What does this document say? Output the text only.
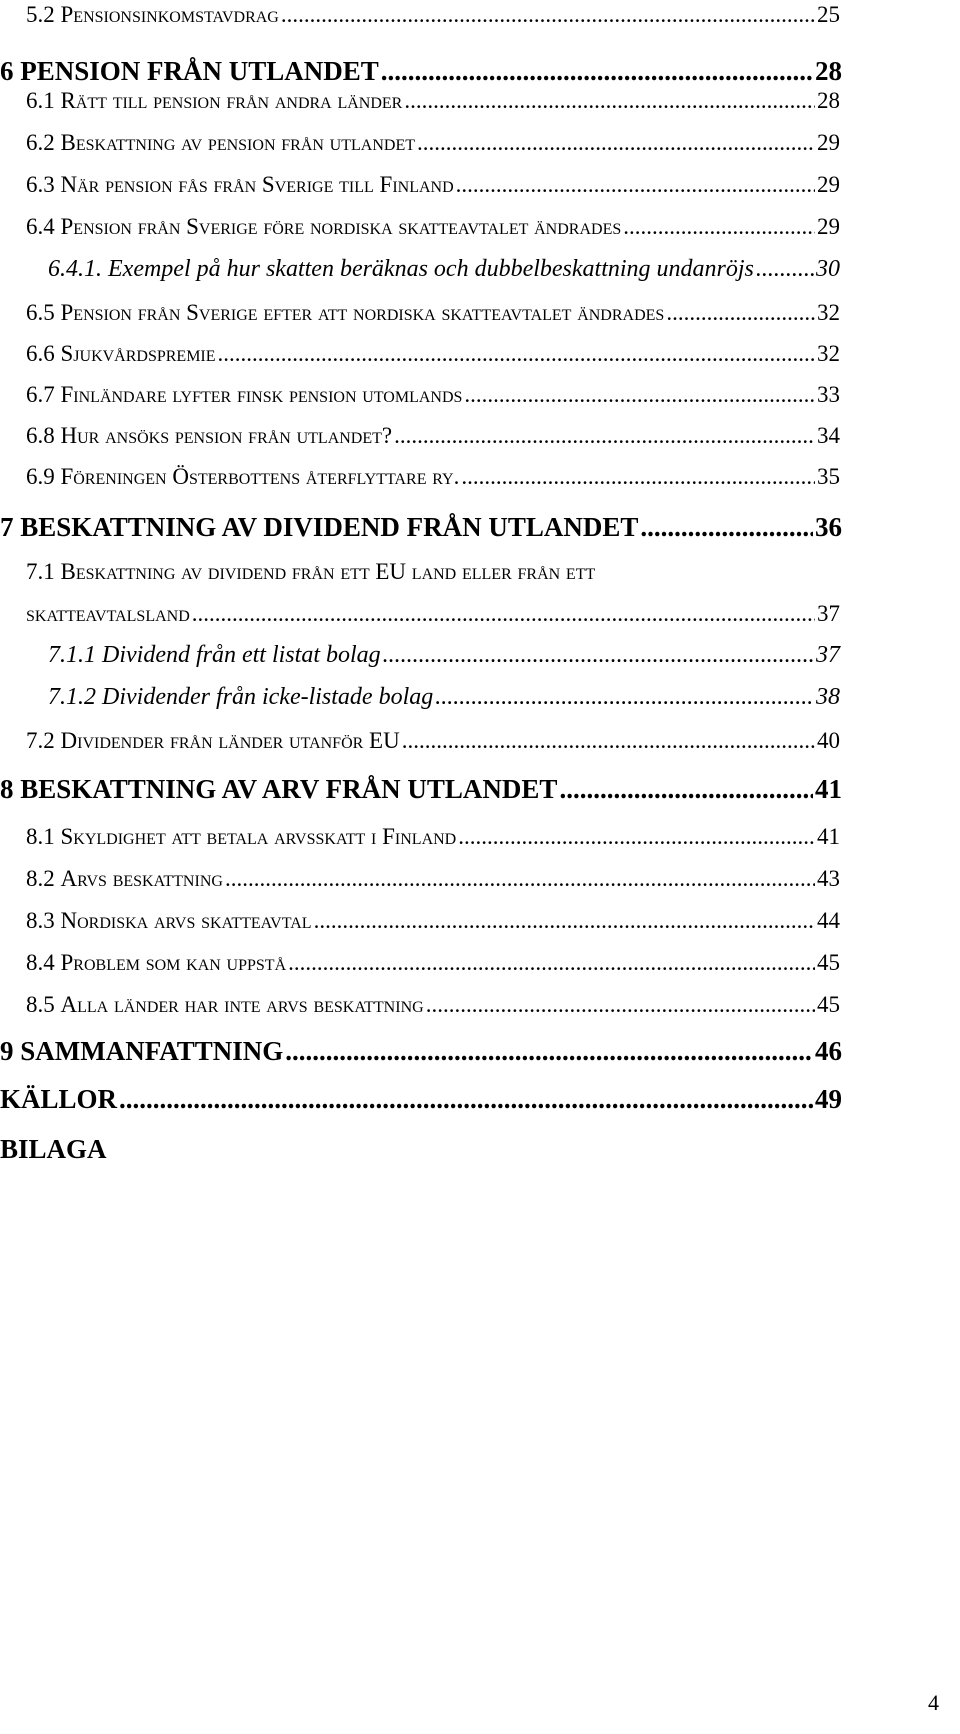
5.2 Pensionsinkomstavdrag .....	25
6 PENSION FRÅN UTLANDET .....	28
6.1 Rätt till pension från andra länder .....	28
6.2 Beskattning av pension från utlandet .....	29
6.3 När pension fås från Sverige till Finland .....	29
6.4 Pension från Sverige före nordiska skatteavtalet ändrades .....	29
6.4.1. Exempel på hur skatten beräknas och dubbelbeskattning undanröjs .....	30
6.5 Pension från Sverige efter att nordiska skatteavtalet ändrades .....	32
6.6 Sjukvårdspremie .....	32
6.7 Finländare lyfter finsk pension utomlands .....	33
6.8 Hur ansöks pension från utlandet? .....	34
6.9 Föreningen Österbottens återflyttare ry. .....	35
7 BESKATTNING AV DIVIDEND FRÅN UTLANDET .....	36
7.1 Beskattning av dividend från ett EU land eller från ett
skatteavtalsland .....	37
7.1.1 Dividend från ett listat bolag .....	37
7.1.2 Dividender från icke-listade bolag .....	38
7.2 Dividender från länder utanför EU .....	40
8 BESKATTNING AV ARV FRÅN UTLANDET .....	41
8.1 Skyldighet att betala arvsskatt i Finland .....	41
8.2 Arvs beskattning .....	43
8.3 Nordiska arvs skatteavtal .....	44
8.4 Problem som kan uppstå .....	45
8.5 Alla länder har inte arvs beskattning .....	45
9 SAMMANFATTNING .....	46
KÄLLOR .....	49
BILAGA
4
